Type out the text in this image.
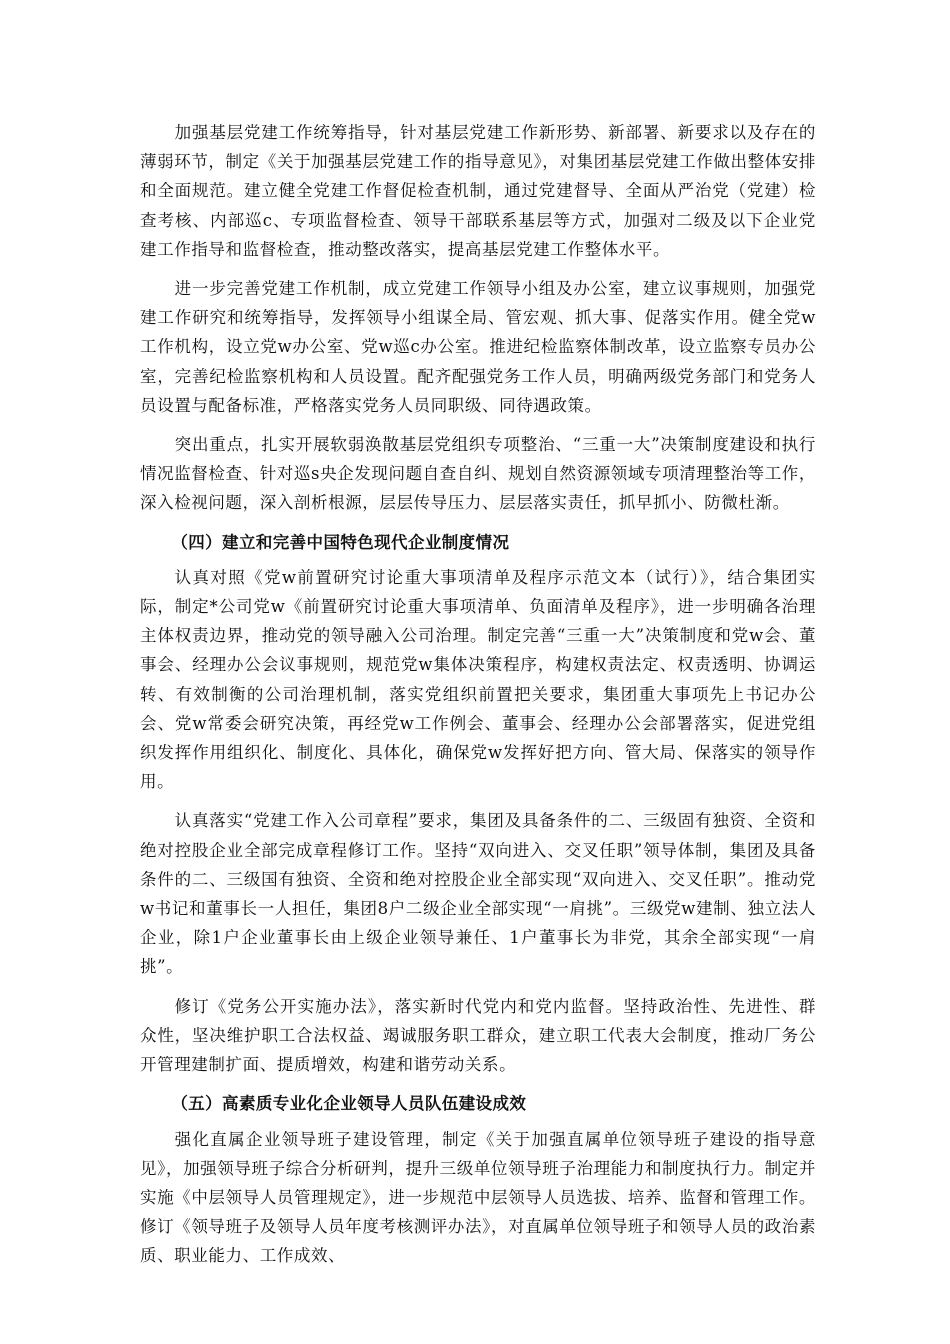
加强基层党建工作统筹指导，针对基层党建工作新形势、新部署、新要求以及存在的薄弱环节，制定《关于加强基层党建工作的指导意见》，对集团基层党建工作做出整体安排和全面规范。建立健全党建工作督促检查机制，通过党建督导、全面从严治党（党建）检查考核、内部巡c、专项监督检查、领导干部联系基层等方式，加强对二级及以下企业党建工作指导和监督检查，推动整改落实，提高基层党建工作整体水平。

进一步完善党建工作机制，成立党建工作领导小组及办公室，建立议事规则，加强党建工作研究和统筹指导，发挥领导小组谋全局、管宏观、抓大事、促落实作用。健全党w工作机构，设立党w办公室、党w巡c办公室。推进纪检监察体制改革，设立监察专员办公室，完善纪检监察机构和人员设置。配齐配强党务工作人员，明确两级党务部门和党务人员设置与配备标准，严格落实党务人员同职级、同待遇政策。

突出重点，扎实开展软弱涣散基层党组织专项整治、“三重一大”决策制度建设和执行情况监督检查、针对巡s央企发现问题自查自纠、规划自然资源领域专项清理整治等工作，深入检视问题，深入剖析根源，层层传导压力、层层落实责任，抓早抓小、防微杜渐。

（四）建立和完善中国特色现代企业制度情况

认真对照《党w前置研究讨论重大事项清单及程序示范文本（试行）》，结合集团实际，制定*公司党w《前置研究讨论重大事项清单、负面清单及程序》，进一步明确各治理主体权责边界，推动党的领导融入公司治理。制定完善“三重一大”决策制度和党w会、董事会、经理办公会议事规则，规范党w集体决策程序，构建权责法定、权责透明、协调运转、有效制衡的公司治理机制，落实党组织前置把关要求，集团重大事项先上书记办公会、党w常委会研究决策，再经党w工作例会、董事会、经理办公会部署落实，促进党组织发挥作用组织化、制度化、具体化，确保党w发挥好把方向、管大局、保落实的领导作用。

认真落实“党建工作入公司章程”要求，集团及具备条件的二、三级固有独资、全资和绝对控股企业全部完成章程修订工作。坚持“双向进入、交叉任职”领导体制，集团及具备条件的二、三级国有独资、全资和绝对控股企业全部实现“双向进入、交叉任职”。推动党w书记和董事长一人担任，集团8户二级企业全部实现“一肩挑”。三级党w建制、独立法人企业，除1户企业董事长由上级企业领导兼任、1户董事长为非党，其余全部实现“一肩挑”。

修订《党务公开实施办法》，落实新时代党内和党内监督。坚持政治性、先进性、群众性，坚决维护职工合法权益、竭诚服务职工群众，建立职工代表大会制度，推动厂务公开管理建制扩面、提质增效，构建和谐劳动关系。

（五）高素质专业化企业领导人员队伍建设成效

强化直属企业领导班子建设管理，制定《关于加强直属单位领导班子建设的指导意见》，加强领导班子综合分析研判，提升三级单位领导班子治理能力和制度执行力。制定并实施《中层领导人员管理规定》，进一步规范中层领导人员选拔、培养、监督和管理工作。修订《领导班子及领导人员年度考核测评办法》，对直属单位领导班子和领导人员的政治素质、职业能力、工作成效、
